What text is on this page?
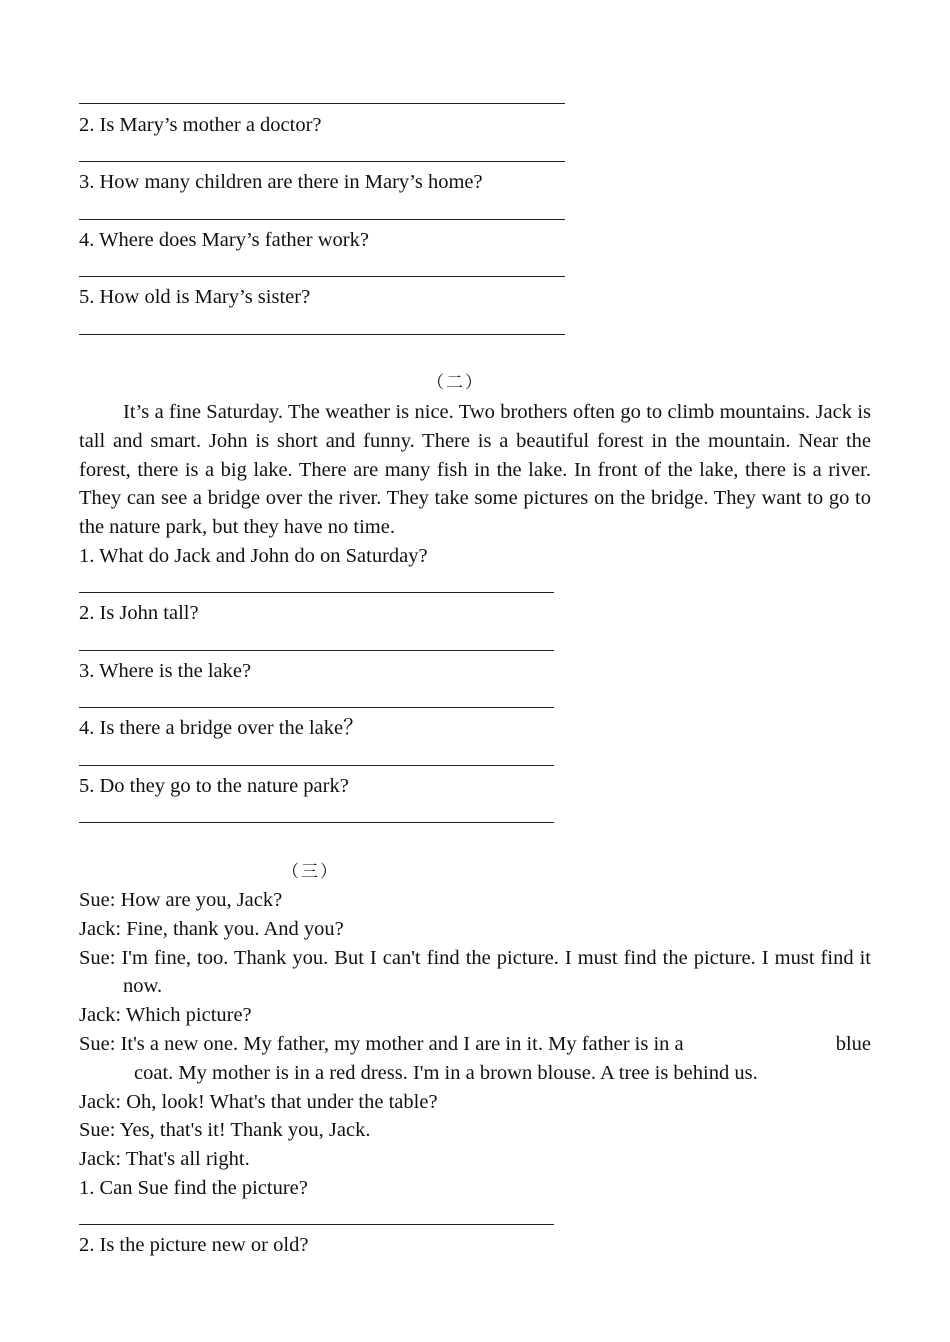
2. Is Mary’s mother a doctor?
3. How many children are there in Mary’s home?
4. Where does Mary’s father work?
5. How old is Mary’s sister?
（二）

It’s a fine Saturday. The weather is nice. Two brothers often go to climb mountains. Jack is tall and smart. John is short and funny. There is a beautiful forest in the mountain. Near the forest, there is a big lake. There are many fish in the lake. In front of the lake, there is a river. They can see a bridge over the river. They take some pictures on the bridge. They want to go to the nature park, but they have no time.

1. What do Jack and John do on Saturday?
2. Is John tall?
3. Where is the lake?
4. Is there a bridge over the lake？
5. Do they go to the nature park?
（三）
Sue: How are you, Jack?
Jack: Fine, thank you. And you?
Sue: I'm fine, too. Thank you. But I can't find the picture. I must find the picture. I must find it now.
Jack: Which picture?
Sue: It's a new one. My father, my mother and I are in it. My father is in a	blue
coat. My mother is in a red dress. I'm in a brown blouse. A tree is behind us.
Jack: Oh, look! What's that under the table?
Sue: Yes, that's it! Thank you, Jack.
Jack: That's all right.
1. Can Sue find the picture?
2. Is the picture new or old?
